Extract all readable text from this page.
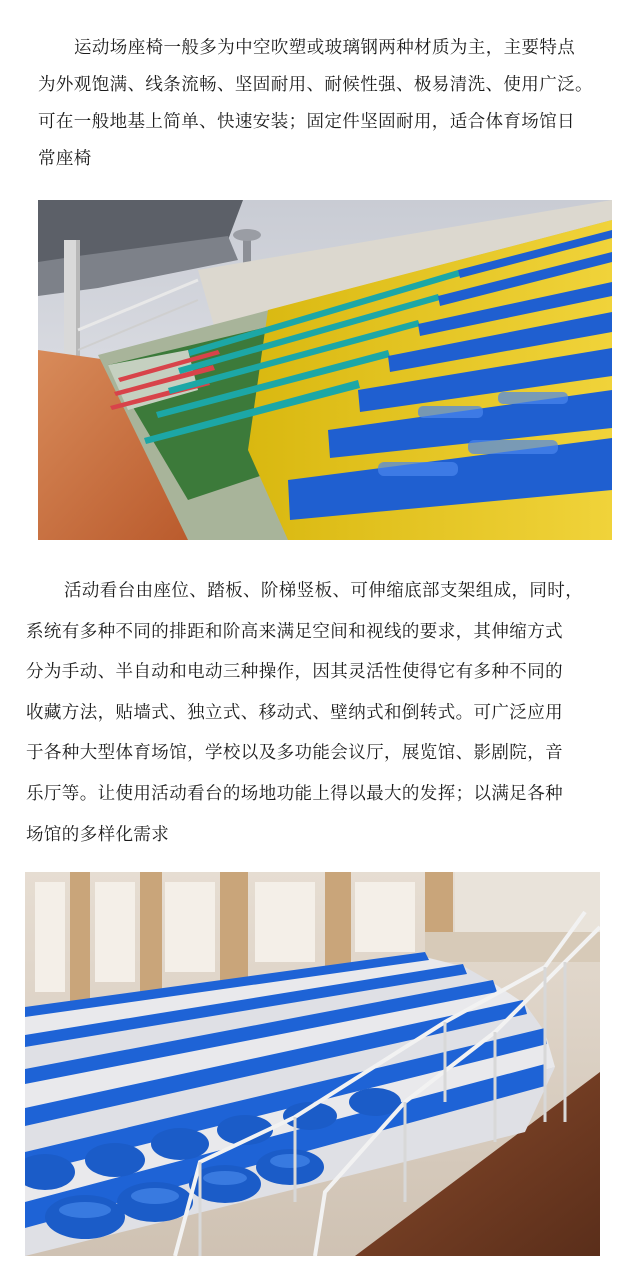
运动场座椅一般多为中空吹塑或玻璃钢两种材质为主，主要特点
为外观饱满、线条流畅、坚固耐用、耐候性强、极易清洗、使用广泛。
可在一般地基上简单、快速安装；固定件坚固耐用，适合体育场馆日
常座椅
活动看台由座位、踏板、阶梯竖板、可伸缩底部支架组成，同时，
系统有多种不同的排距和阶高来满足空间和视线的要求，其伸缩方式
分为手动、半自动和电动三种操作，因其灵活性使得它有多种不同的
收藏方法，贴墙式、独立式、移动式、壁纳式和倒转式。可广泛应用
于各种大型体育场馆，学校以及多功能会议厅，展览馆、影剧院，音
乐厅等。让使用活动看台的场地功能上得以最大的发挥；以满足各种
场馆的多样化需求
